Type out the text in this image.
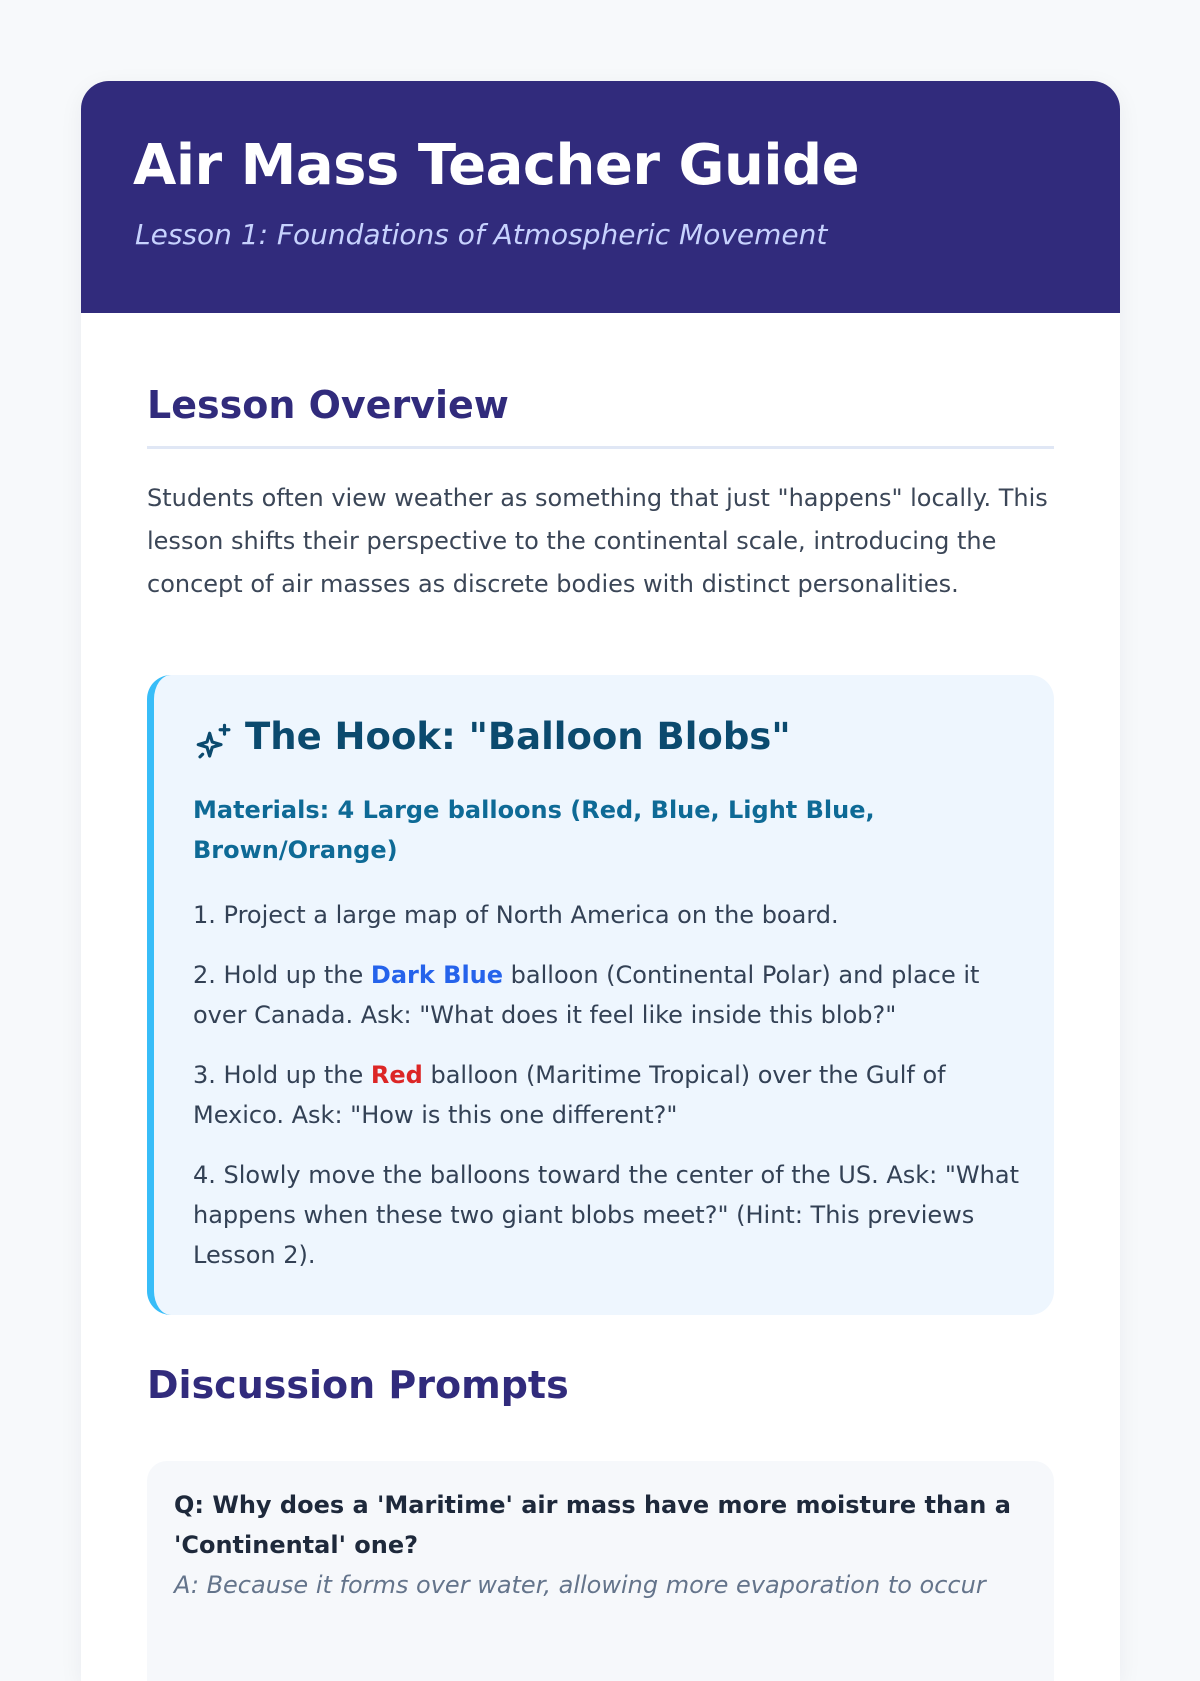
Air Mass Teacher Guide

Lesson 1: Foundations of Atmospheric Movement

Lesson Overview

Students often view weather as something that just "happens" locally. This lesson shifts their perspective to the continental scale, introducing the concept of air masses as discrete bodies with distinct personalities.

The Hook: "Balloon Blobs"

Materials: 4 Large balloons (Red, Blue, Light Blue, Brown/Orange)

1. Project a large map of North America on the board.
2. Hold up the Dark Blue balloon (Continental Polar) and place it over Canada. Ask: "What does it feel like inside this blob?"
3. Hold up the Red balloon (Maritime Tropical) over the Gulf of Mexico. Ask: "How is this one different?"
4. Slowly move the balloons toward the center of the US. Ask: "What happens when these two giant blobs meet?" (Hint: This previews Lesson 2).
Discussion Prompts

Q: Why does a 'Maritime' air mass have more moisture than a 'Continental' one?

A: Because it forms over water, allowing more evaporation to occur
